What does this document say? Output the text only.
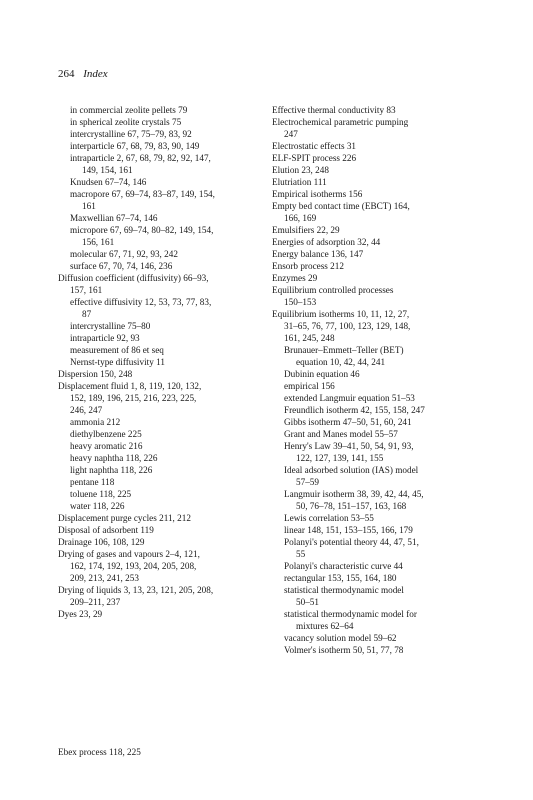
264 Index
in commercial zeolite pellets 79
in spherical zeolite crystals 75
intercrystalline 67, 75–79, 83, 92
interparticle 67, 68, 79, 83, 90, 149
intraparticle 2, 67, 68, 79, 82, 92, 147,
149, 154, 161
Knudsen 67–74, 146
macropore 67, 69–74, 83–87, 149, 154,
161
Maxwellian 67–74, 146
micropore 67, 69–74, 80–82, 149, 154,
156, 161
molecular 67, 71, 92, 93, 242
surface 67, 70, 74, 146, 236
Diffusion coefficient (diffusivity) 66–93,
157, 161
effective diffusivity 12, 53, 73, 77, 83,
87
intercrystalline 75–80
intraparticle 92, 93
measurement of 86 et seq
Nernst-type diffusivity 11
Dispersion 150, 248
Displacement fluid 1, 8, 119, 120, 132,
152, 189, 196, 215, 216, 223, 225,
246, 247
ammonia 212
diethylbenzene 225
heavy aromatic 216
heavy naphtha 118, 226
light naphtha 118, 226
pentane 118
toluene 118, 225
water 118, 226
Displacement purge cycles 211, 212
Disposal of adsorbent 119
Drainage 106, 108, 129
Drying of gases and vapours 2–4, 121,
162, 174, 192, 193, 204, 205, 208,
209, 213, 241, 253
Drying of liquids 3, 13, 23, 121, 205, 208,
209–211, 237
Dyes 23, 29
Effective thermal conductivity 83
Electrochemical parametric pumping
247
Electrostatic effects 31
ELF-SPIT process 226
Elution 23, 248
Elutriation 111
Empirical isotherms 156
Empty bed contact time (EBCT) 164,
166, 169
Emulsifiers 22, 29
Energies of adsorption 32, 44
Energy balance 136, 147
Ensorb process 212
Enzymes 29
Equilibrium controlled processes
150–153
Equilibrium isotherms 10, 11, 12, 27,
31–65, 76, 77, 100, 123, 129, 148,
161, 245, 248
Brunauer–Emmett–Teller (BET)
equation 10, 42, 44, 241
Dubinin equation 46
empirical 156
extended Langmuir equation 51–53
Freundlich isotherm 42, 155, 158, 247
Gibbs isotherm 47–50, 51, 60, 241
Grant and Manes model 55–57
Henry's Law 39–41, 50, 54, 91, 93,
122, 127, 139, 141, 155
Ideal adsorbed solution (IAS) model
57–59
Langmuir isotherm 38, 39, 42, 44, 45,
50, 76–78, 151–157, 163, 168
Lewis correlation 53–55
linear 148, 151, 153–155, 166, 179
Polanyi's potential theory 44, 47, 51,
55
Polanyi's characteristic curve 44
rectangular 153, 155, 164, 180
statistical thermodynamic model
50–51
statistical thermodynamic model for
mixtures 62–64
vacancy solution model 59–62
Volmer's isotherm 50, 51, 77, 78
Ebex process 118, 225
